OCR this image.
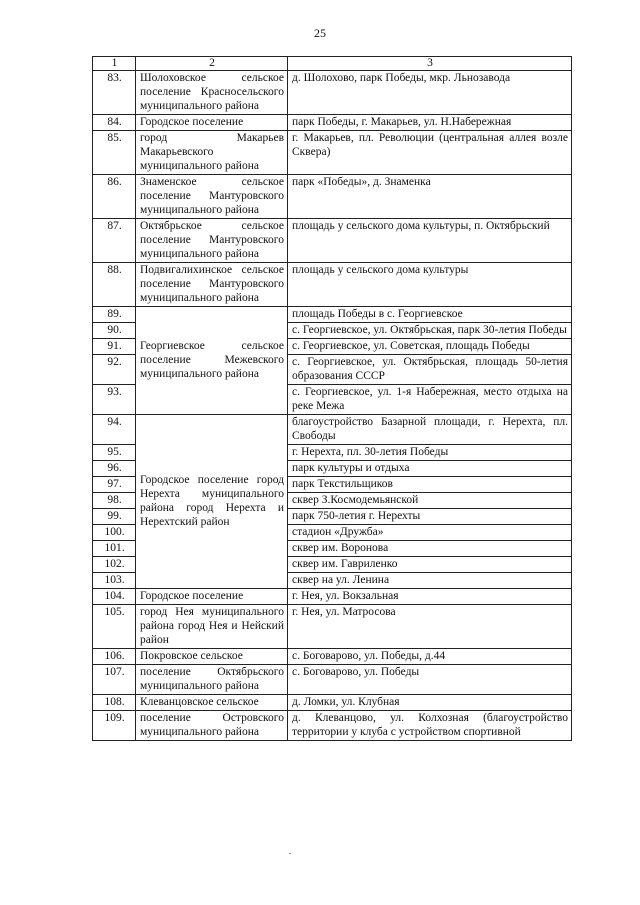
25
1	2	3
83.	Шолоховское сельское поселение Красносельского муниципального района	д. Шолохово, парк Победы, мкр. Льнозавода
84.	Городское поселение	парк Победы, г. Макарьев, ул. Н.Набережная
85.	город Макарьев Макарьевского муниципального района	г. Макарьев, пл. Революции (центральная аллея возле Сквера)
86.	Знаменское сельское поселение Мантуровского муниципального района	парк «Победы», д. Знаменка
87.	Октябрьское сельское поселение Мантуровского муниципального района	площадь у сельского дома культуры, п. Октябрьский
88.	Подвигалихинское сельское поселение Мантуровского муниципального района	площадь у сельского дома культуры
89.	Георгиевское сельское поселение Межевского муниципального района	площадь Победы в с. Георгиевское
90.		с. Георгиевское, ул. Октябрьская, парк 30-летия Победы
91.		с. Георгиевское, ул. Советская, площадь Победы
92.		с. Георгиевское, ул. Октябрьская, площадь 50-летия образования СССР
93.		с. Георгиевское, ул. 1-я Набережная, место отдыха на реке Межа
94.	Городское поселение город Нерехта муниципального района город Нерехта и Нерехтский район	благоустройство Базарной площади, г. Нерехта, пл. Свободы
95.		г. Нерехта, пл. 30-летия Победы
96.		парк культуры и отдыха
97.		парк Текстильщиков
98.		сквер З.Космодемьянской
99.		парк 750-летия г. Нерехты
100.		стадион «Дружба»
101.		сквер им. Воронова
102.		сквер им. Гавриленко
103.		сквер на ул. Ленина
104.	Городское поселение	г. Нея, ул. Вокзальная
105.	город Нея муниципального района город Нея и Нейский район	г. Нея, ул. Матросова
106.	Покровское сельское	с. Боговарово, ул. Победы, д.44
107.	поселение Октябрьского муниципального района	с. Боговарово, ул. Победы
108.	Клеванцовское сельское	д. Ломки, ул. Клубная
109.	поселение Островского муниципального района	д. Клеванцово, ул. Колхозная (благоустройство территории у клуба с устройством спортивной
